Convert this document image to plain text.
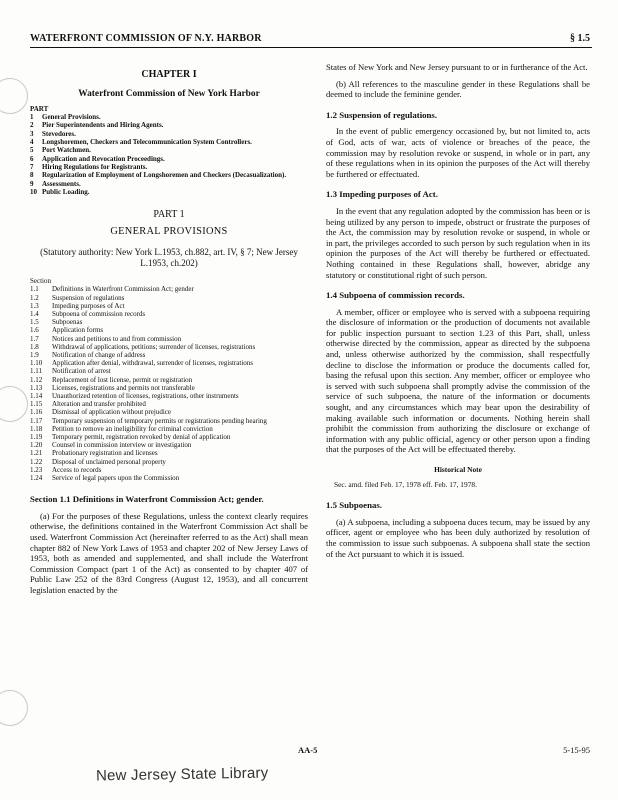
WATERFRONT COMMISSION OF N.Y. HARBOR	§ 1.5
CHAPTER I
Waterfront Commission of New York Harbor
PART
1 General Provisions.
2 Pier Superintendents and Hiring Agents.
3 Stevedores.
4 Longshoremen, Checkers and Telecommunication System Controllers.
5 Port Watchmen.
6 Application and Revocation Proceedings.
7 Hiring Regulations for Registrants.
8 Regularization of Employment of Longshoremen and Checkers (Decasualization).
9 Assessments.
10 Public Loading.
PART 1
GENERAL PROVISIONS
(Statutory authority: New York L.1953, ch.882, art. IV, § 7; New Jersey L.1953, ch.202)
Section
1.1 Definitions in Waterfront Commission Act; gender
1.2 Suspension of regulations
1.3 Impeding purposes of Act
1.4 Subpoena of commission records
1.5 Subpoenas
1.6 Application forms
1.7 Notices and petitions to and from commission
1.8 Withdrawal of applications, petitions; surrender of licenses, registrations
1.9 Notification of change of address
1.10 Application after denial, withdrawal, surrender of licenses, registrations
1.11 Notification of arrest
1.12 Replacement of lost license, permit or registration
1.13 Licenses, registrations and permits not transferable
1.14 Unauthorized retention of licenses, registrations, other instruments
1.15 Alteration and transfer prohibited
1.16 Dismissal of application without prejudice
1.17 Temporary suspension of temporary permits or registrations pending hearing
1.18 Petition to remove an ineligibility for criminal conviction
1.19 Temporary permit, registration revoked by denial of application
1.20 Counsel in commission interview or investigation
1.21 Probationary registration and licenses
1.22 Disposal of unclaimed personal property
1.23 Access to records
1.24 Service of legal papers upon the Commission
Section 1.1 Definitions in Waterfront Commission Act; gender.

(a) For the purposes of these Regulations, unless the context clearly requires otherwise, the definitions contained in the Waterfront Commission Act shall be used. Waterfront Commission Act (hereinafter referred to as the Act) shall mean chapter 882 of New York Laws of 1953 and chapter 202 of New Jersey Laws of 1953, both as amended and supplemented, and shall include the Waterfront Commission Compact (part 1 of the Act) as consented to by chapter 407 of Public Law 252 of the 83rd Congress (August 12, 1953), and all concurrent legislation enacted by the

States of New York and New Jersey pursuant to or in furtherance of the Act.

(b) All references to the masculine gender in these Regulations shall be deemed to include the feminine gender.

1.2 Suspension of regulations.

In the event of public emergency occasioned by, but not limited to, acts of God, acts of war, acts of violence or breaches of the peace, the commission may by resolution revoke or suspend, in whole or in part, any of these regulations when in its opinion the purposes of the Act will thereby be furthered or effectuated.

1.3 Impeding purposes of Act.

In the event that any regulation adopted by the commission has been or is being utilized by any person to impede, obstruct or frustrate the purposes of the Act, the commission may by resolution revoke or suspend, in whole or in part, the privileges accorded to such person by such regulation when in its opinion the purposes of the Act will thereby be furthered or effectuated. Nothing contained in these Regulations shall, however, abridge any statutory or constitutional right of such person.

1.4 Subpoena of commission records.

A member, officer or employee who is served with a subpoena requiring the disclosure of information or the production of documents not available for public inspection pursuant to section 1.23 of this Part, shall, unless otherwise directed by the commission, appear as directed by the subpoena and, unless otherwise authorized by the commission, shall respectfully decline to disclose the information or produce the documents called for, basing the refusal upon this section. Any member, officer or employee who is served with such subpoena shall promptly advise the commission of the service of such subpoena, the nature of the information or documents sought, and any circumstances which may bear upon the desirability of making available such information or documents. Nothing herein shall prohibit the commission from authorizing the disclosure or exchange of information with any public official, agency or other person upon a finding that the purposes of the Act will be effectuated thereby.

Historical Note

Sec. amd. filed Feb. 17, 1978 eff. Feb. 17, 1978.

1.5 Subpoenas.

(a) A subpoena, including a subpoena duces tecum, may be issued by any officer, agent or employee who has been duly authorized by resolution of the commission to issue such subpoenas. A subpoena shall state the section of the Act pursuant to which it is issued.

AA-5	5-15-95
New Jersey State Library
